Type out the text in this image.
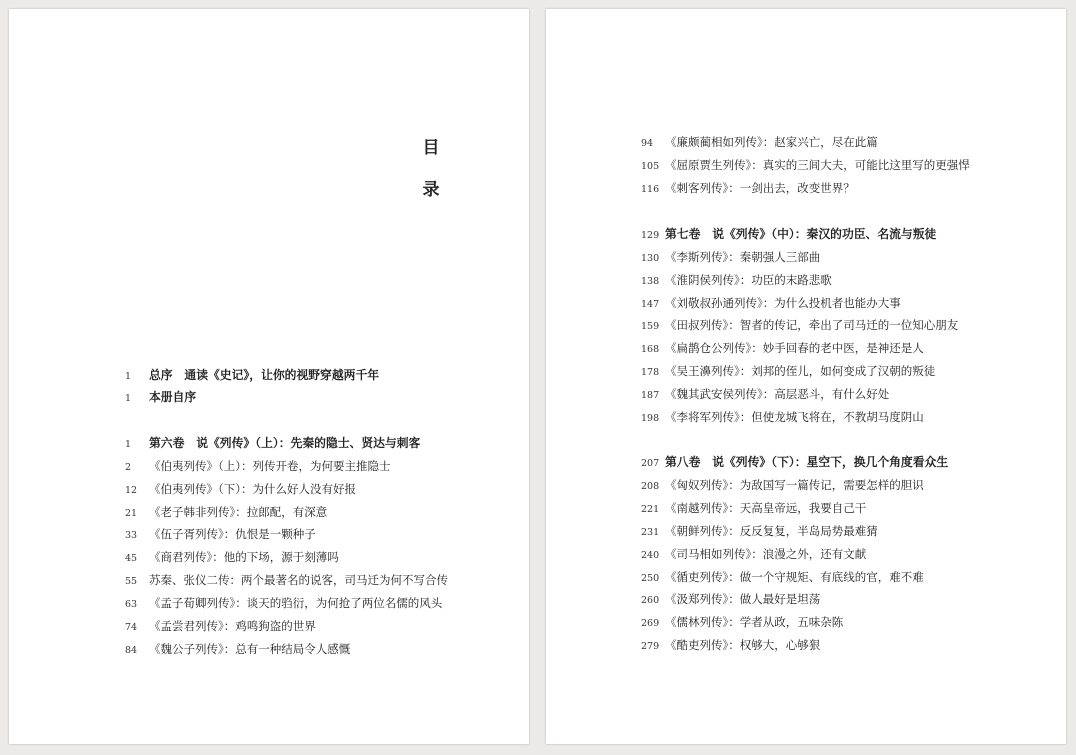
目
录
1 总序　通读《史记》，让你的视野穿越两千年
1 本册自序
1 第六卷　说《列传》（上）：先秦的隐士、贤达与刺客
2 《伯夷列传》（上）：列传开卷，为何要主推隐士
12 《伯夷列传》（下）：为什么好人没有好报
21 《老子韩非列传》：拉郎配，有深意
33 《伍子胥列传》：仇恨是一颗种子
45 《商君列传》：他的下场，源于刻薄吗
55 苏秦、张仪二传：两个最著名的说客，司马迁为何不写合传
63 《孟子荀卿列传》：谈天的驺衍，为何抢了两位名儒的风头
74 《孟尝君列传》：鸡鸣狗盗的世界
84 《魏公子列传》：总有一种结局令人感慨
94 《廉颇蔺相如列传》：赵家兴亡，尽在此篇
105 《屈原贾生列传》：真实的三闾大夫，可能比这里写的更强悍
116 《刺客列传》：一剑出去，改变世界？
129 第七卷　说《列传》（中）：秦汉的功臣、名流与叛徒
130 《李斯列传》：秦朝强人三部曲
138 《淮阴侯列传》：功臣的末路悲歌
147 《刘敬叔孙通列传》：为什么投机者也能办大事
159 《田叔列传》：智者的传记，牵出了司马迁的一位知心朋友
168 《扁鹊仓公列传》：妙手回春的老中医，是神还是人
178 《吴王濞列传》：刘邦的侄儿，如何变成了汉朝的叛徒
187 《魏其武安侯列传》：高层恶斗，有什么好处
198 《李将军列传》：但使龙城飞将在，不教胡马度阴山
207 第八卷　说《列传》（下）：星空下，换几个角度看众生
208 《匈奴列传》：为敌国写一篇传记，需要怎样的胆识
221 《南越列传》：天高皇帝远，我要自己干
231 《朝鲜列传》：反反复复，半岛局势最难猜
240 《司马相如列传》：浪漫之外，还有文献
250 《循吏列传》：做一个守规矩、有底线的官，难不难
260 《汲郑列传》：做人最好是坦荡
269 《儒林列传》：学者从政，五味杂陈
279 《酷吏列传》：权够大，心够狠
